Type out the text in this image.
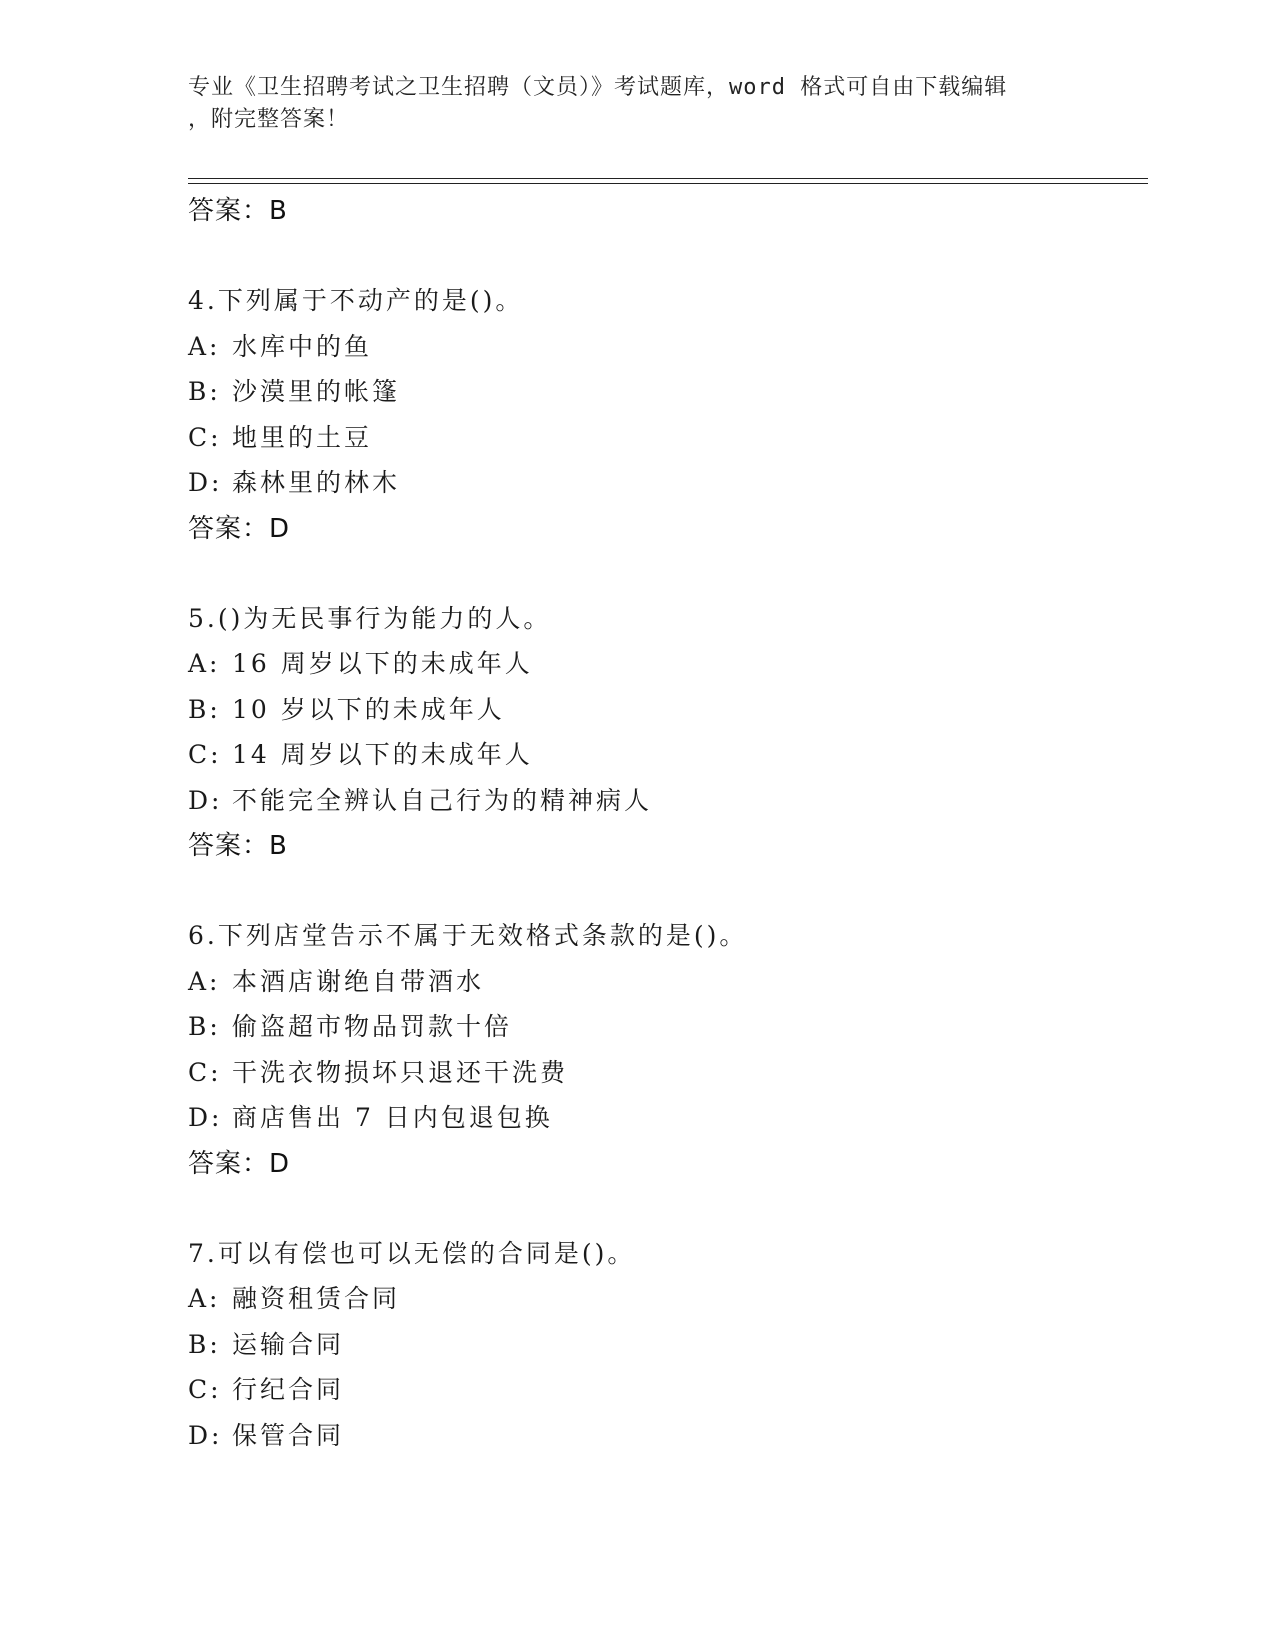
专业《卫生招聘考试之卫生招聘（文员）》考试题库，word 格式可自由下载编辑
，附完整答案！
答案：B
4.下列属于不动产的是()。
A: 水库中的鱼
B: 沙漠里的帐篷
C: 地里的土豆
D: 森林里的林木
答案：D
5.()为无民事行为能力的人。
A: 16 周岁以下的未成年人
B: 10 岁以下的未成年人
C: 14 周岁以下的未成年人
D: 不能完全辨认自己行为的精神病人
答案：B
6.下列店堂告示不属于无效格式条款的是()。
A: 本酒店谢绝自带酒水
B: 偷盗超市物品罚款十倍
C: 干洗衣物损坏只退还干洗费
D: 商店售出 7 日内包退包换
答案：D
7.可以有偿也可以无偿的合同是()。
A: 融资租赁合同
B: 运输合同
C: 行纪合同
D: 保管合同
